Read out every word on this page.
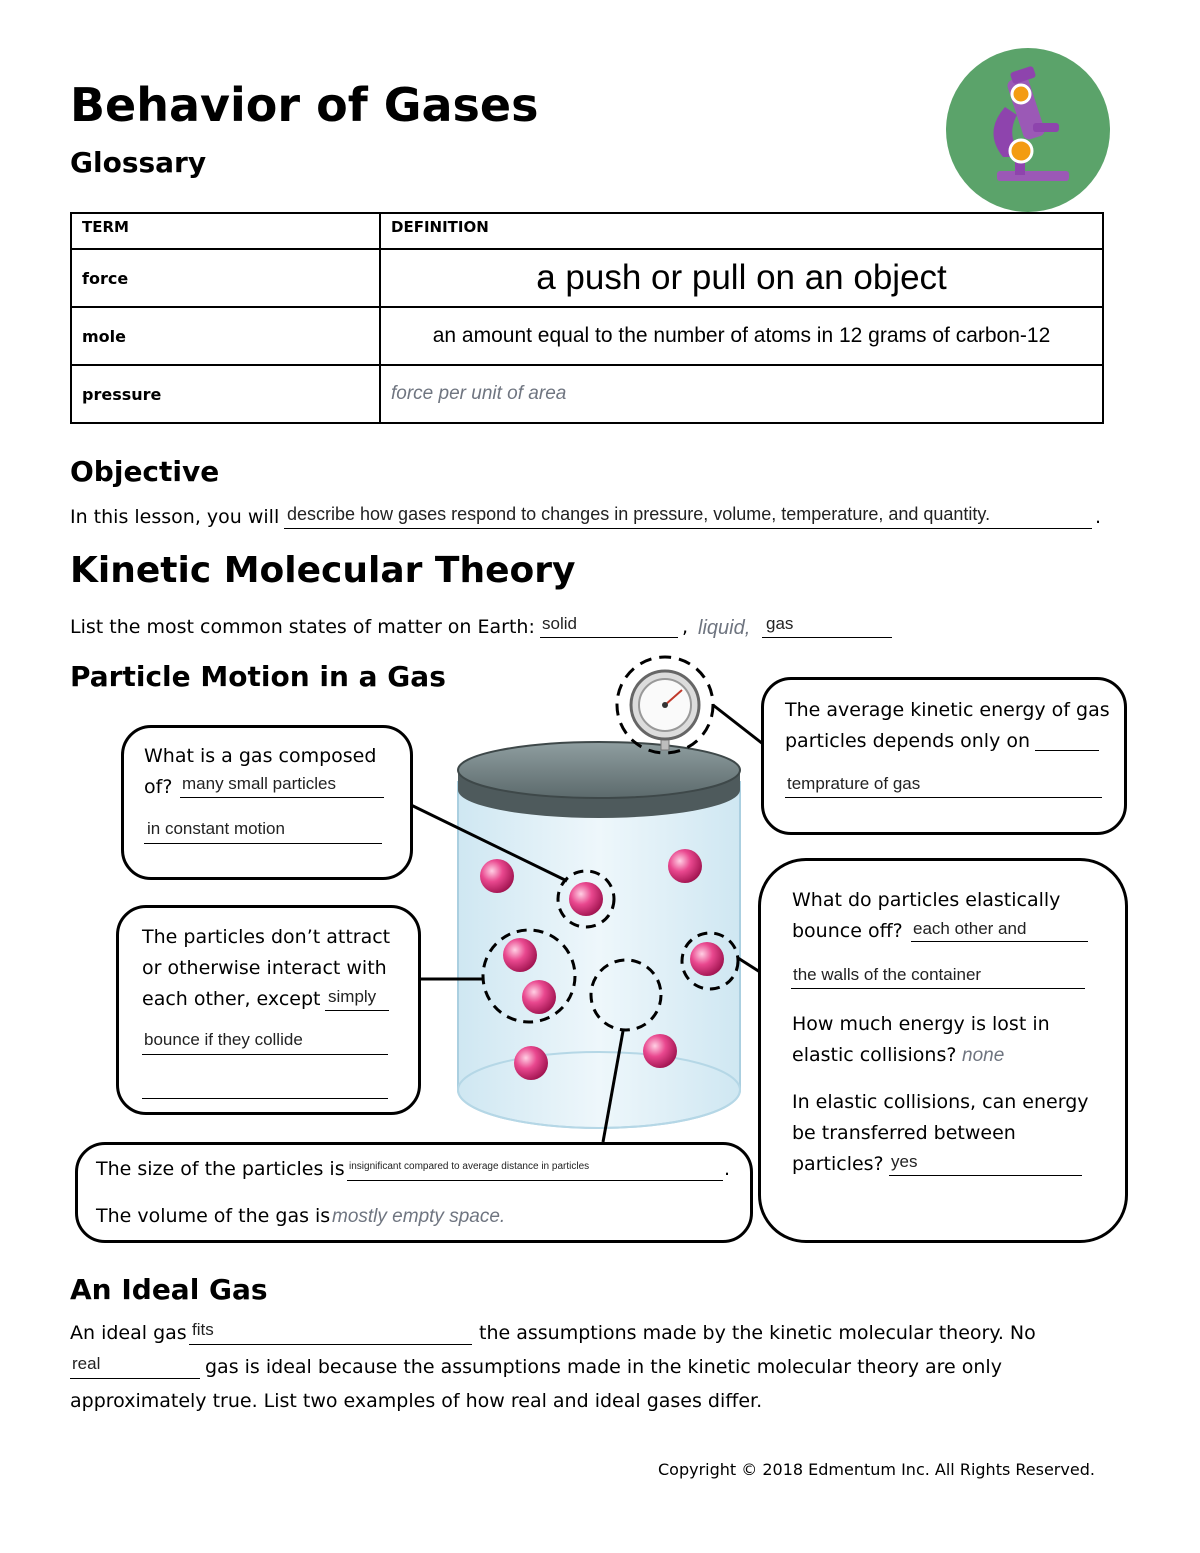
Behavior of Gases
Glossary
TERM	DEFINITION
force	a push or pull on an object
mole	an amount equal to the number of atoms in 12 grams of carbon-12
pressure	force per unit of area
Objective
In this lesson, you will describe how gases respond to changes in pressure, volume, temperature, and quantity.	.
Kinetic Molecular Theory
List the most common states of matter on Earth: solid	, liquid, gas
Particle Motion in a Gas
What is a gas composed
of? many small particles
in constant motion
The particles don’t attract
or otherwise interact with
each other, except simply
bounce if they collide
The average kinetic energy of gas
particles depends only on
temprature of gas
What do particles elastically
bounce off? each other and
the walls of the container
How much energy is lost in
elastic collisions? none
In elastic collisions, can energy
be transferred between
particles? yes
The size of the particles is insignificant compared to average distance in particles	.
The volume of the gas is mostly empty space.
An Ideal Gas
An ideal gas fits	the assumptions made by the kinetic molecular theory. No
real	gas is ideal because the assumptions made in the kinetic molecular theory are only
approximately true. List two examples of how real and ideal gases differ.
Copyright © 2018 Edmentum Inc. All Rights Reserved.
